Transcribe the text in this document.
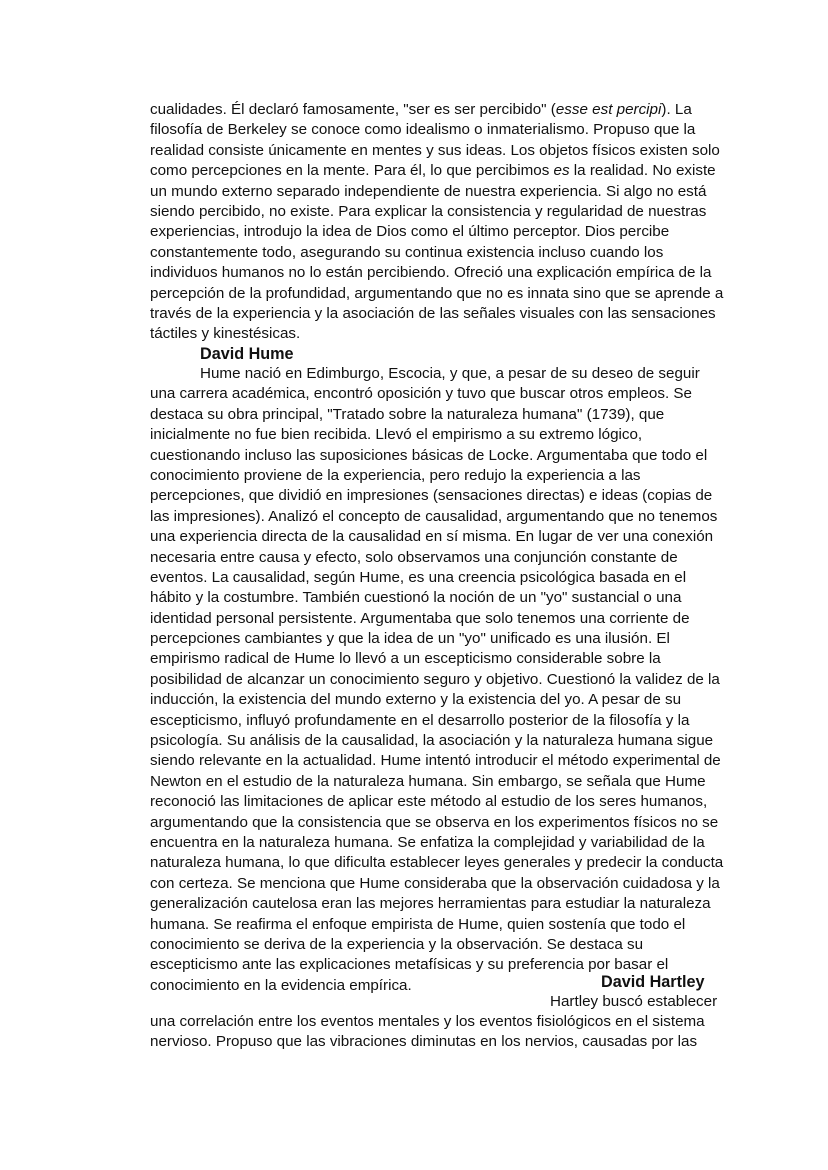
cualidades. Él declaró famosamente, "ser es ser percibido" (esse est percipi). La
filosofía de Berkeley se conoce como idealismo o inmaterialismo. Propuso que la
realidad consiste únicamente en mentes y sus ideas. Los objetos físicos existen solo
como percepciones en la mente. Para él, lo que percibimos es la realidad. No existe
un mundo externo separado independiente de nuestra experiencia. Si algo no está
siendo percibido, no existe. Para explicar la consistencia y regularidad de nuestras
experiencias, introdujo la idea de Dios como el último perceptor. Dios percibe
constantemente todo, asegurando su continua existencia incluso cuando los
individuos humanos no lo están percibiendo. Ofreció una explicación empírica de la
percepción de la profundidad, argumentando que no es innata sino que se aprende a
través de la experiencia y la asociación de las señales visuales con las sensaciones
táctiles y kinestésicas.
David Hume
Hume nació en Edimburgo, Escocia, y que, a pesar de su deseo de seguir
una carrera académica, encontró oposición y tuvo que buscar otros empleos. Se
destaca su obra principal, "Tratado sobre la naturaleza humana" (1739), que
inicialmente no fue bien recibida. Llevó el empirismo a su extremo lógico,
cuestionando incluso las suposiciones básicas de Locke. Argumentaba que todo el
conocimiento proviene de la experiencia, pero redujo la experiencia a las
percepciones, que dividió en impresiones (sensaciones directas) e ideas (copias de
las impresiones). Analizó el concepto de causalidad, argumentando que no tenemos
una experiencia directa de la causalidad en sí misma. En lugar de ver una conexión
necesaria entre causa y efecto, solo observamos una conjunción constante de
eventos. La causalidad, según Hume, es una creencia psicológica basada en el
hábito y la costumbre. También cuestionó la noción de un "yo" sustancial o una
identidad personal persistente. Argumentaba que solo tenemos una corriente de
percepciones cambiantes y que la idea de un "yo" unificado es una ilusión. El
empirismo radical de Hume lo llevó a un escepticismo considerable sobre la
posibilidad de alcanzar un conocimiento seguro y objetivo. Cuestionó la validez de la
inducción, la existencia del mundo externo y la existencia del yo. A pesar de su
escepticismo, influyó profundamente en el desarrollo posterior de la filosofía y la
psicología. Su análisis de la causalidad, la asociación y la naturaleza humana sigue
siendo relevante en la actualidad. Hume intentó introducir el método experimental de
Newton en el estudio de la naturaleza humana. Sin embargo, se señala que Hume
reconoció las limitaciones de aplicar este método al estudio de los seres humanos,
argumentando que la consistencia que se observa en los experimentos físicos no se
encuentra en la naturaleza humana. Se enfatiza la complejidad y variabilidad de la
naturaleza humana, lo que dificulta establecer leyes generales y predecir la conducta
con certeza. Se menciona que Hume consideraba que la observación cuidadosa y la
generalización cautelosa eran las mejores herramientas para estudiar la naturaleza
humana. Se reafirma el enfoque empirista de Hume, quien sostenía que todo el
conocimiento se deriva de la experiencia y la observación. Se destaca su
escepticismo ante las explicaciones metafísicas y su preferencia por basar el
conocimiento en la evidencia empírica.	David Hartley
Hartley buscó establecer
una correlación entre los eventos mentales y los eventos fisiológicos en el sistema
nervioso. Propuso que las vibraciones diminutas en los nervios, causadas por las
